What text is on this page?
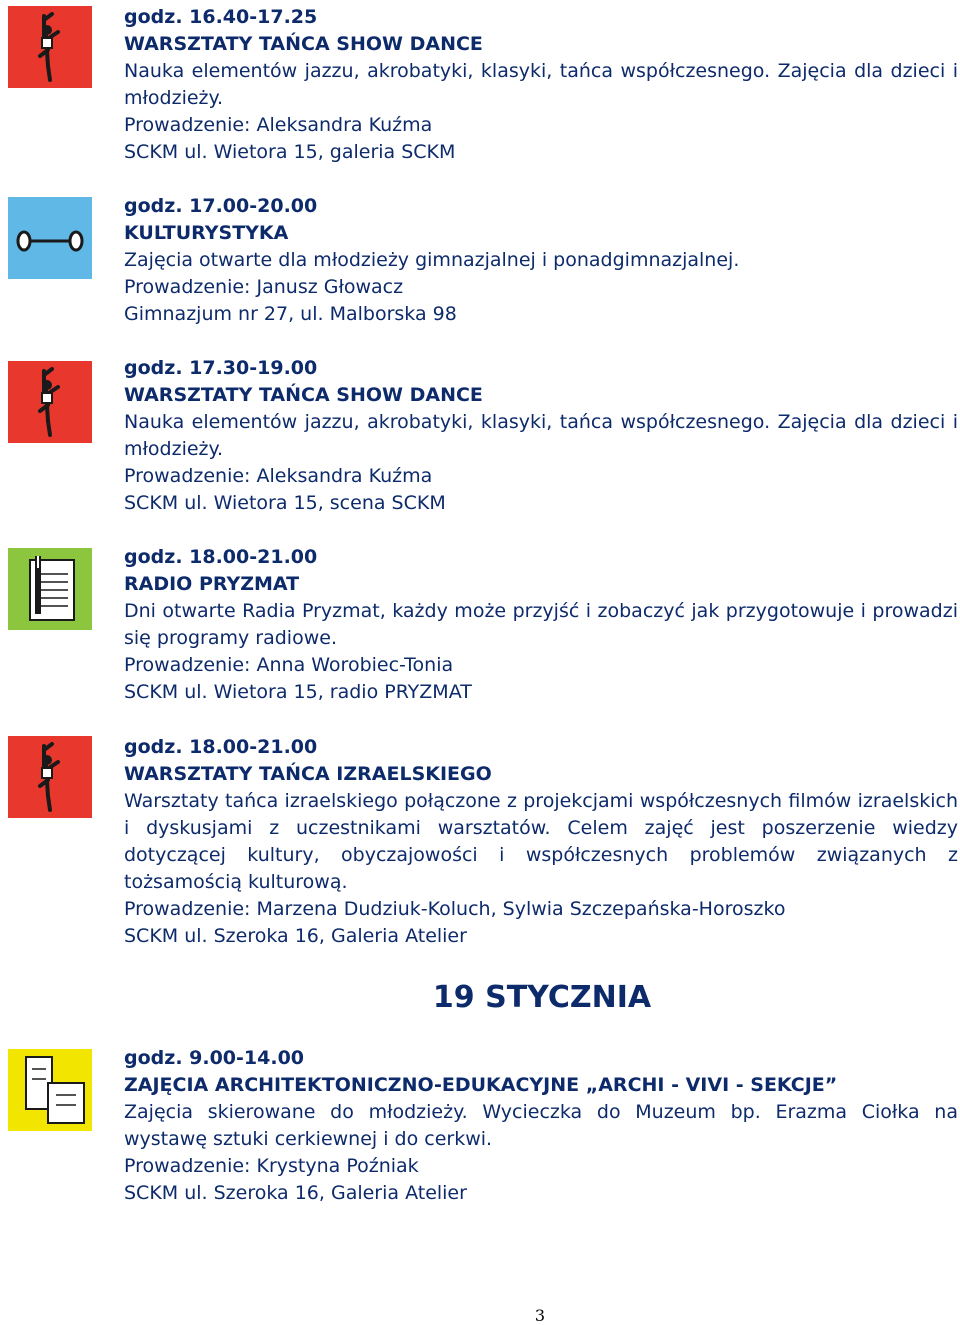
godz. 16.40-17.25
WARSZTATY TAŃCA SHOW DANCE
Nauka elementów jazzu, akrobatyki, klasyki, tańca współczesnego. Zajęcia dla dzieci i młodzieży.
Prowadzenie: Aleksandra Kuźma
SCKM ul. Wietora 15, galeria SCKM
godz. 17.00-20.00
KULTURYSTYKA
Zajęcia otwarte dla młodzieży gimnazjalnej i ponadgimnazjalnej.
Prowadzenie: Janusz Głowacz
Gimnazjum nr 27, ul. Malborska 98
godz. 17.30-19.00
WARSZTATY TAŃCA SHOW DANCE
Nauka elementów jazzu, akrobatyki, klasyki, tańca współczesnego. Zajęcia dla dzieci i młodzieży.
Prowadzenie: Aleksandra Kuźma
SCKM ul. Wietora 15, scena SCKM
godz. 18.00-21.00
RADIO PRYZMAT
Dni otwarte Radia Pryzmat, każdy może przyjść i zobaczyć jak przygotowuje i prowadzi się programy radiowe.
Prowadzenie: Anna Worobiec-Tonia
SCKM ul. Wietora 15, radio PRYZMAT
godz. 18.00-21.00
WARSZTATY TAŃCA IZRAELSKIEGO
Warsztaty tańca izraelskiego połączone z projekcjami współczesnych filmów izraelskich i dyskusjami z uczestnikami warsztatów. Celem zajęć jest poszerzenie wiedzy dotyczącej kultury, obyczajowości i współczesnych problemów związanych z tożsamością kulturową.
Prowadzenie: Marzena Dudziuk-Koluch, Sylwia Szczepańska-Horoszko
SCKM ul. Szeroka 16, Galeria Atelier
19 STYCZNIA
godz. 9.00-14.00
ZAJĘCIA ARCHITEKTONICZNO-EDUKACYJNE „ARCHI - VIVI - SEKCJE”
Zajęcia skierowane do młodzieży. Wycieczka do Muzeum bp. Erazma Ciołka na wystawę sztuki cerkiewnej i do cerkwi.
Prowadzenie: Krystyna Poźniak
SCKM ul. Szeroka 16, Galeria Atelier
3
